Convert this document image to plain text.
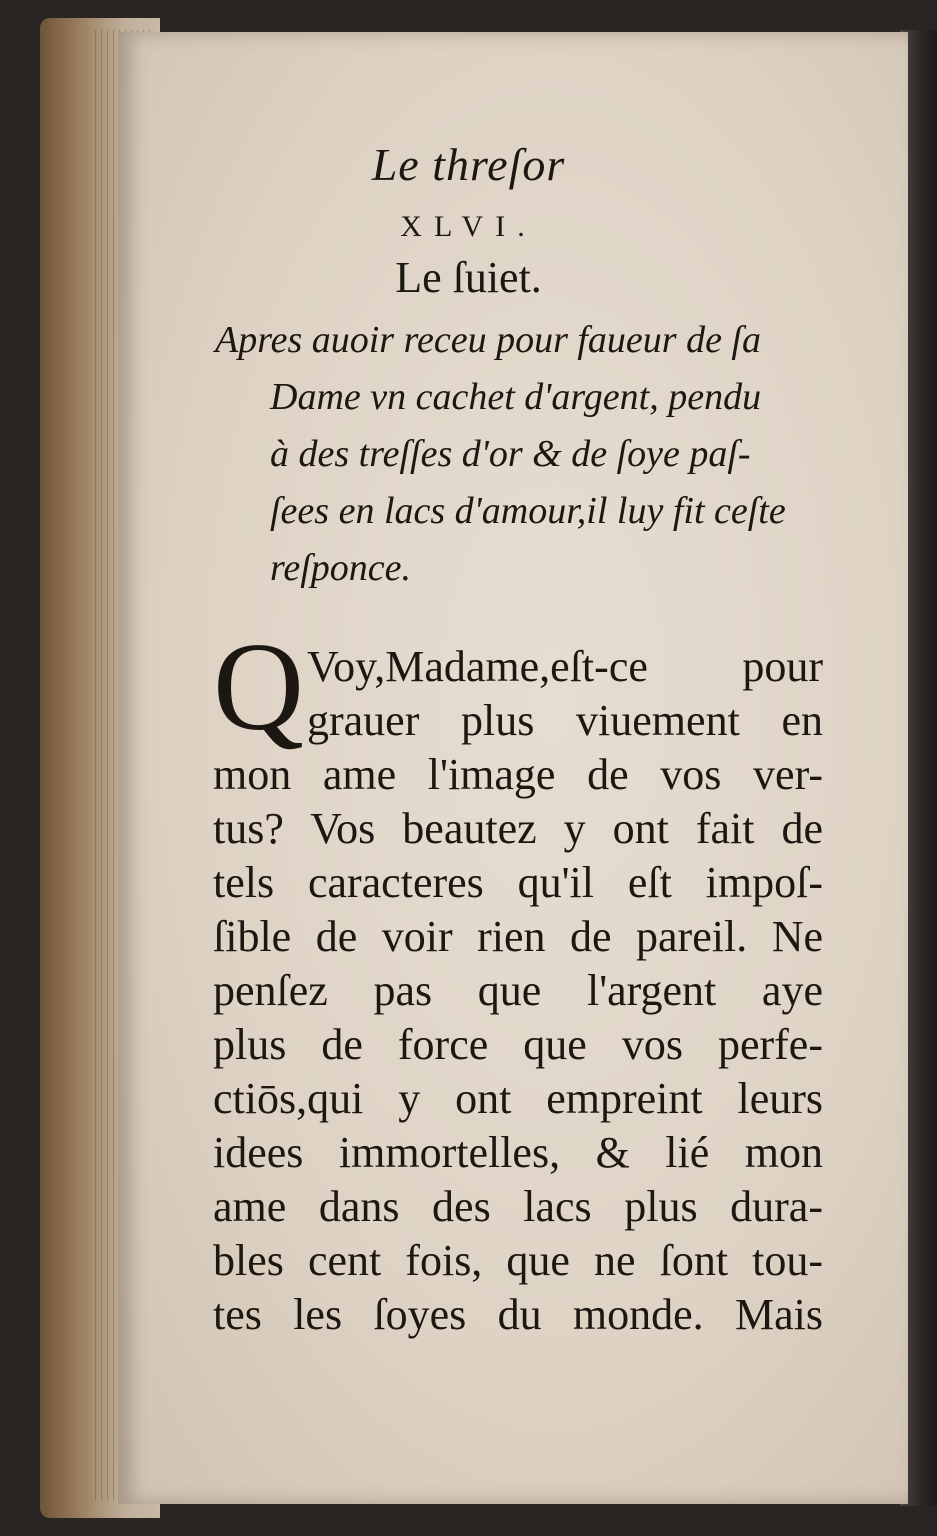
Le threſor
XLVI.
Le ſuiet.
Apres auoir receu pour faueur de ſa
Dame vn cachet d'argent, pendu
à des treſſes d'or & de ſoye paſ-
ſees en lacs d'amour,il luy fit ceſte
reſponce.
Q Voy,Madame,eſt-ce pour
grauer plus viuement en
mon ame l'image de vos ver-
tus? Vos beautez y ont fait de
tels caracteres qu'il eſt impoſ-
ſible de voir rien de pareil. Ne
penſez pas que l'argent aye
plus de force que vos perfe-
ctiōs,qui y ont empreint leurs
idees immortelles, & lié mon
ame dans des lacs plus dura-
bles cent fois, que ne ſont tou-
tes les ſoyes du monde. Mais
